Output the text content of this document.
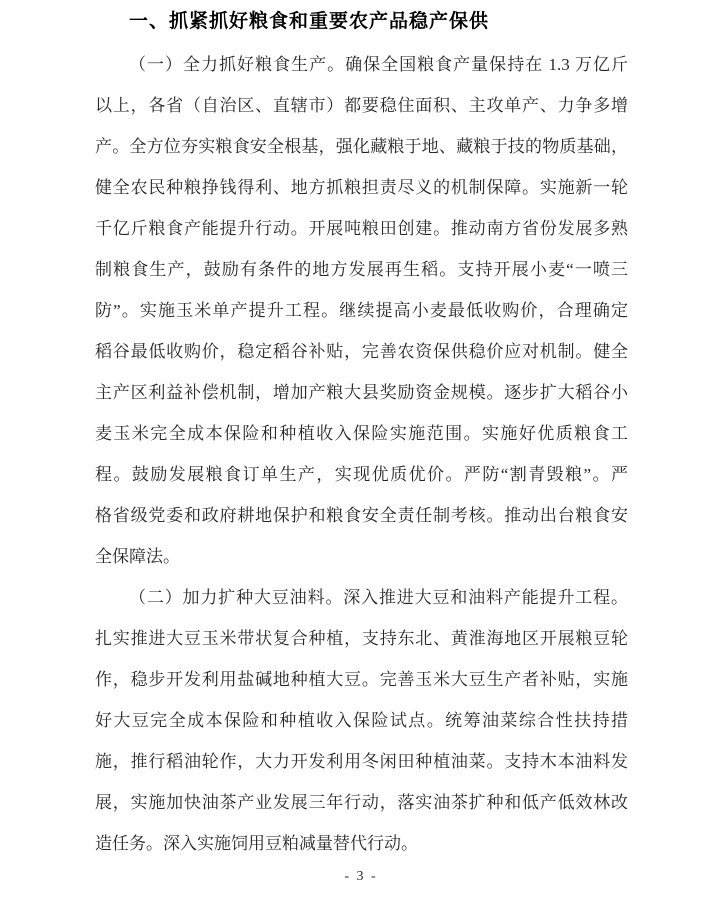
一、抓紧抓好粮食和重要农产品稳产保供
（一）全力抓好粮食生产。确保全国粮食产量保持在 1.3 万亿斤
以上，各省（自治区、直辖市）都要稳住面积、主攻单产、力争多增
产。全方位夯实粮食安全根基，强化藏粮于地、藏粮于技的物质基础，
健全农民种粮挣钱得利、地方抓粮担责尽义的机制保障。实施新一轮
千亿斤粮食产能提升行动。开展吨粮田创建。推动南方省份发展多熟
制粮食生产，鼓励有条件的地方发展再生稻。支持开展小麦“一喷三
防”。实施玉米单产提升工程。继续提高小麦最低收购价，合理确定
稻谷最低收购价，稳定稻谷补贴，完善农资保供稳价应对机制。健全
主产区利益补偿机制，增加产粮大县奖励资金规模。逐步扩大稻谷小
麦玉米完全成本保险和种植收入保险实施范围。实施好优质粮食工
程。鼓励发展粮食订单生产，实现优质优价。严防“割青毁粮”。严
格省级党委和政府耕地保护和粮食安全责任制考核。推动出台粮食安
全保障法。
（二）加力扩种大豆油料。深入推进大豆和油料产能提升工程。
扎实推进大豆玉米带状复合种植，支持东北、黄淮海地区开展粮豆轮
作，稳步开发利用盐碱地种植大豆。完善玉米大豆生产者补贴，实施
好大豆完全成本保险和种植收入保险试点。统筹油菜综合性扶持措
施，推行稻油轮作，大力开发利用冬闲田种植油菜。支持木本油料发
展，实施加快油茶产业发展三年行动，落实油茶扩种和低产低效林改
造任务。深入实施饲用豆粕减量替代行动。
- 3 -
